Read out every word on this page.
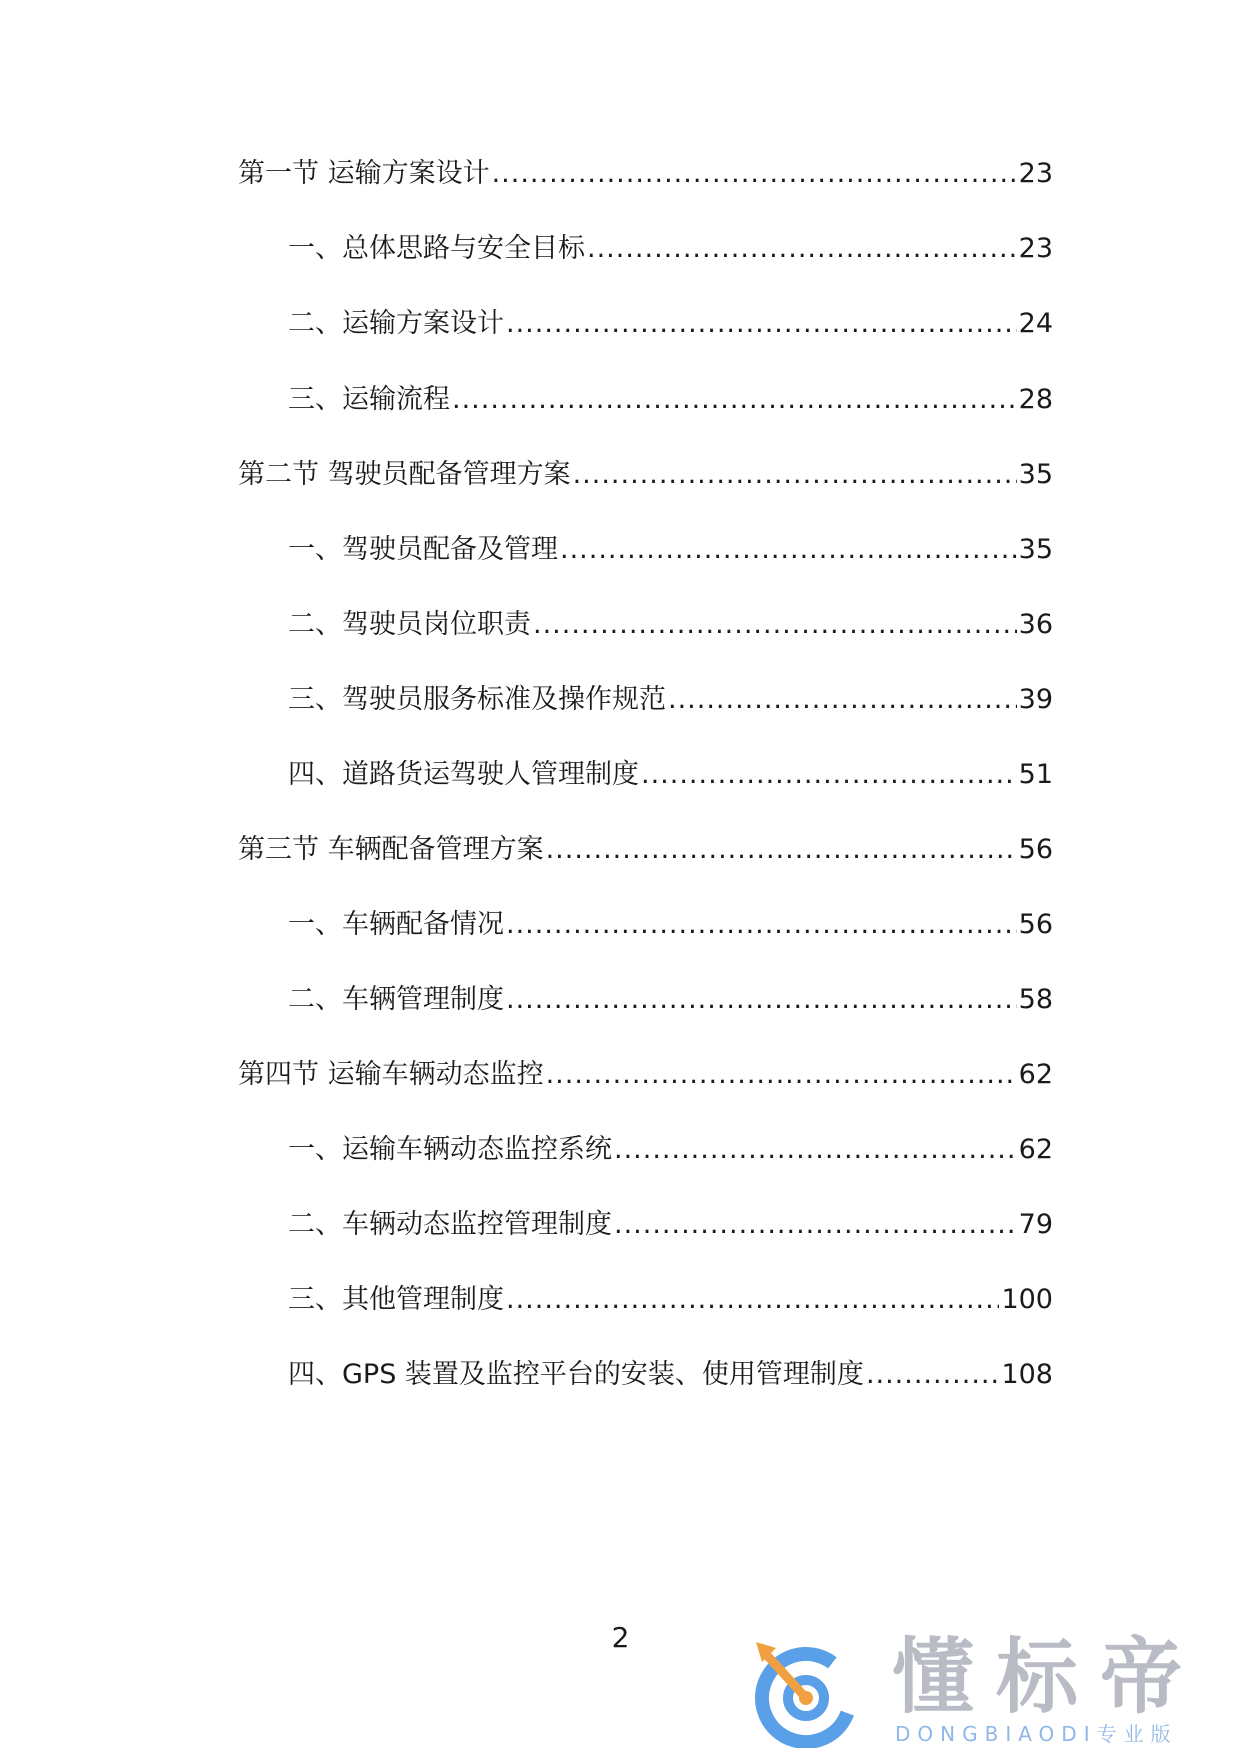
第一节 运输方案设计 .....	23
一、总体思路与安全目标 .....	23
二、运输方案设计 .....	24
三、运输流程 .....	28
第二节 驾驶员配备管理方案 .....	35
一、驾驶员配备及管理 .....	35
二、驾驶员岗位职责 .....	36
三、驾驶员服务标准及操作规范 .....	39
四、道路货运驾驶人管理制度 .....	51
第三节 车辆配备管理方案 .....	56
一、车辆配备情况 .....	56
二、车辆管理制度 .....	58
第四节 运输车辆动态监控 .....	62
一、运输车辆动态监控系统 .....	62
二、车辆动态监控管理制度 .....	79
三、其他管理制度 .....	100
四、GPS 装置及监控平台的安装、使用管理制度 .....	108
2	懂标帝
DONGBIAODI专业版
